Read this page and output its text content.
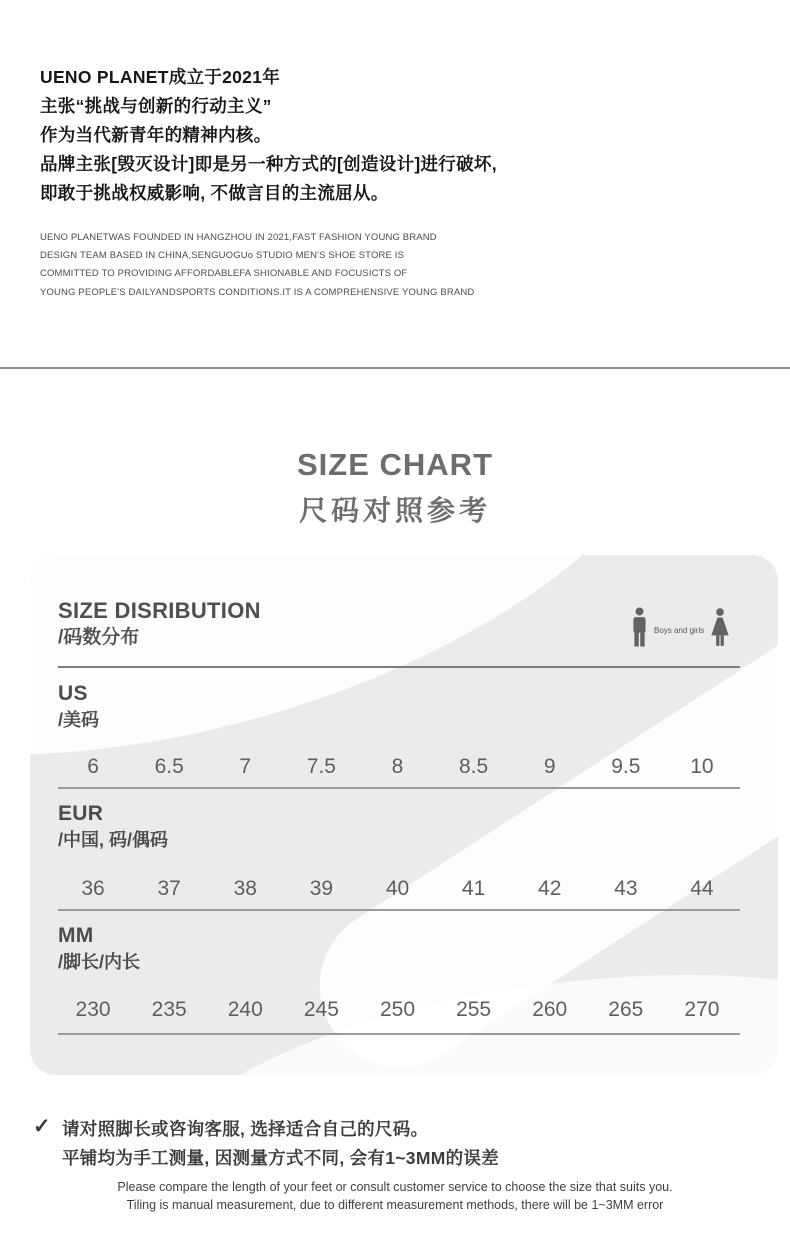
UENO PLANET成立于2021年
主张“挑战与创新的行动主义”
作为当代新青年的精神内核。
品牌主张[毁灭设计]即是另一种方式的[创造设计]进行破坏,
即敢于挑战权威影响, 不做言目的主流屈从。
UENO PLANETWAS FOUNDED IN HANGZHOU IN 2021,FAST FASHION YOUNG BRAND
DESIGN TEAM BASED IN CHINA,SENGUOGUo STUDIO MEN'S SHOE STORE IS
COMMITTED TO PROVIDING AFFORDABLEFA SHIONABLE AND FOCUSICTS OF
YOUNG PEOPLE'S DAILYANDSPORTS CONDITIONS.IT IS A COMPREHENSIVE YOUNG BRAND
SIZE CHART
尺码对照参考
SIZE DISRIBUTION
/码数分布	Boys and girls
US
/美码
6	6.5	7	7.5	8	8.5	9	9.5	10
EUR
/中国, 码/偶码
36	37	38	39	40	41	42	43	44
MM
/脚长/内长
230	235	240	245	250	255	260	265	270
✓ 请对照脚长或咨询客服, 选择适合自己的尺码。
平铺均为手工测量, 因测量方式不同, 会有1~3MM的误差
Please compare the length of your feet or consult customer service to choose the size that suits you.
Tiling is manual measurement, due to different measurement methods, there will be 1~3MM error
